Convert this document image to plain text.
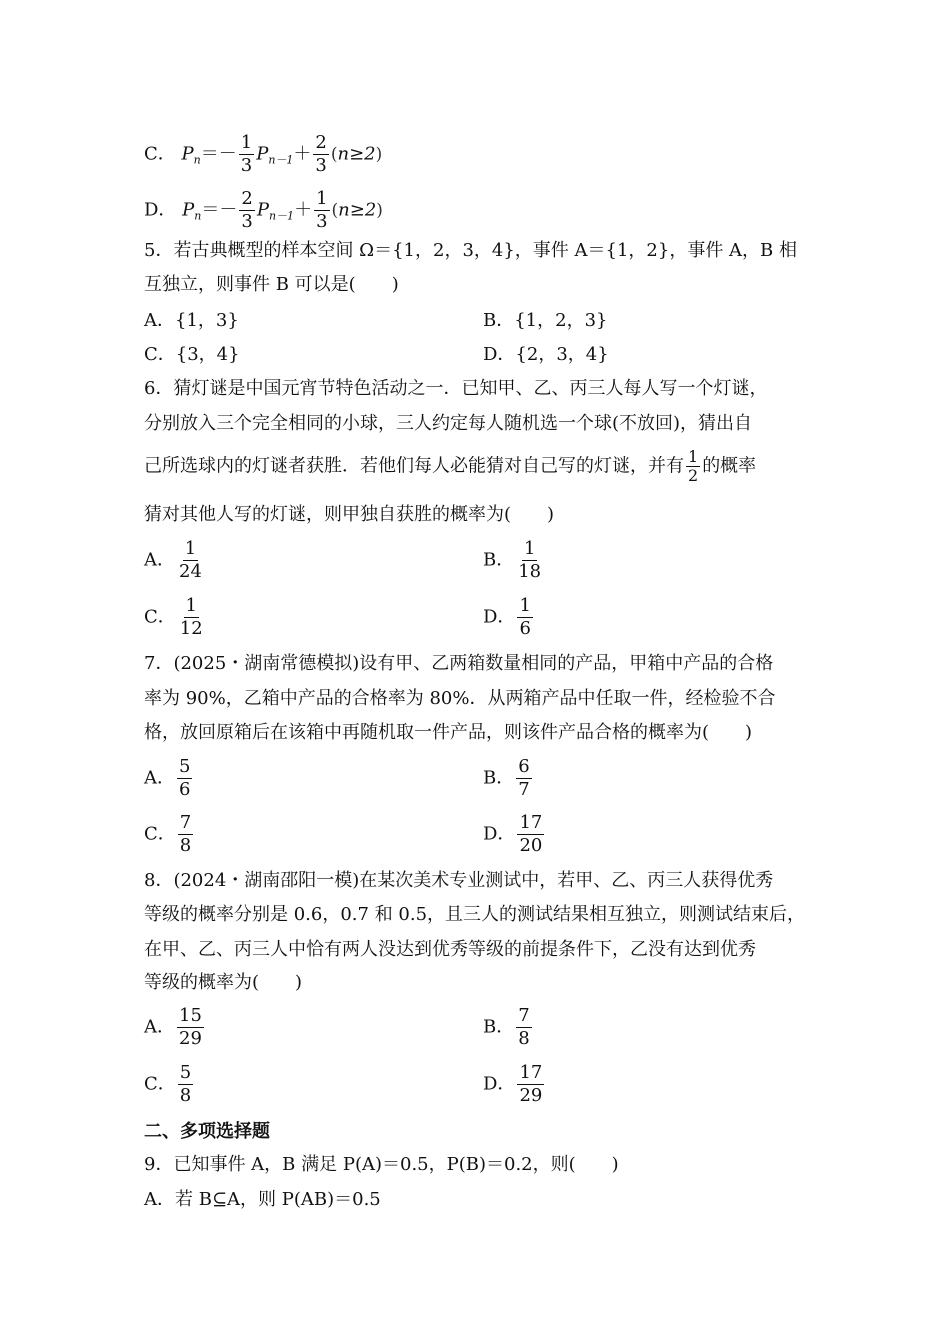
C． $P_n=- \frac{1}{3} P_{n-1}+ \frac{2}{3} (n\ge 2)$
D． $P_n=- \frac{2}{3} P_{n-1}+ \frac{1}{3} (n\ge 2)$
5．若古典概型的样本空间 Ω＝{1，2，3，4}，事件 A＝{1，2}，事件 A，B 相
互独立，则事件 B 可以是(　　)
A．{1，3}	B．{1，2，3}
C．{3，4}	D．{2，3，4}
6．猜灯谜是中国元宵节特色活动之一．已知甲、乙、丙三人每人写一个灯谜，
分别放入三个完全相同的小球，三人约定每人随机选一个球(不放回)，猜出自
己所选球内的灯谜者获胜．若他们每人必能猜对自己写的灯谜，并有 $\frac{1}{2}$ 的概率
猜对其他人写的灯谜，则甲独自获胜的概率为(　　)
A． $\frac{1}{24}$	B． $\frac{1}{18}$
C． $\frac{1}{12}$	D． $\frac{1}{6}$
7．(2025・湖南常德模拟)设有甲、乙两箱数量相同的产品，甲箱中产品的合格
率为 90%，乙箱中产品的合格率为 80%．从两箱产品中任取一件，经检验不合
格，放回原箱后在该箱中再随机取一件产品，则该件产品合格的概率为(　　)
A． $\frac{5}{6}$	B． $\frac{6}{7}$
C． $\frac{7}{8}$	D． $\frac{17}{20}$
8．(2024・湖南邵阳一模)在某次美术专业测试中，若甲、乙、丙三人获得优秀
等级的概率分别是 0.6，0.7 和 0.5，且三人的测试结果相互独立，则测试结束后，
在甲、乙、丙三人中恰有两人没达到优秀等级的前提条件下，乙没有达到优秀
等级的概率为(　　)
A． $\frac{15}{29}$	B． $\frac{7}{8}$
C． $\frac{5}{8}$	D． $\frac{17}{29}$
二、多项选择题
9．已知事件 A，B 满足 P(A)＝0.5，P(B)＝0.2，则(　　)
A．若 B⊆A，则 P(AB)＝0.5
